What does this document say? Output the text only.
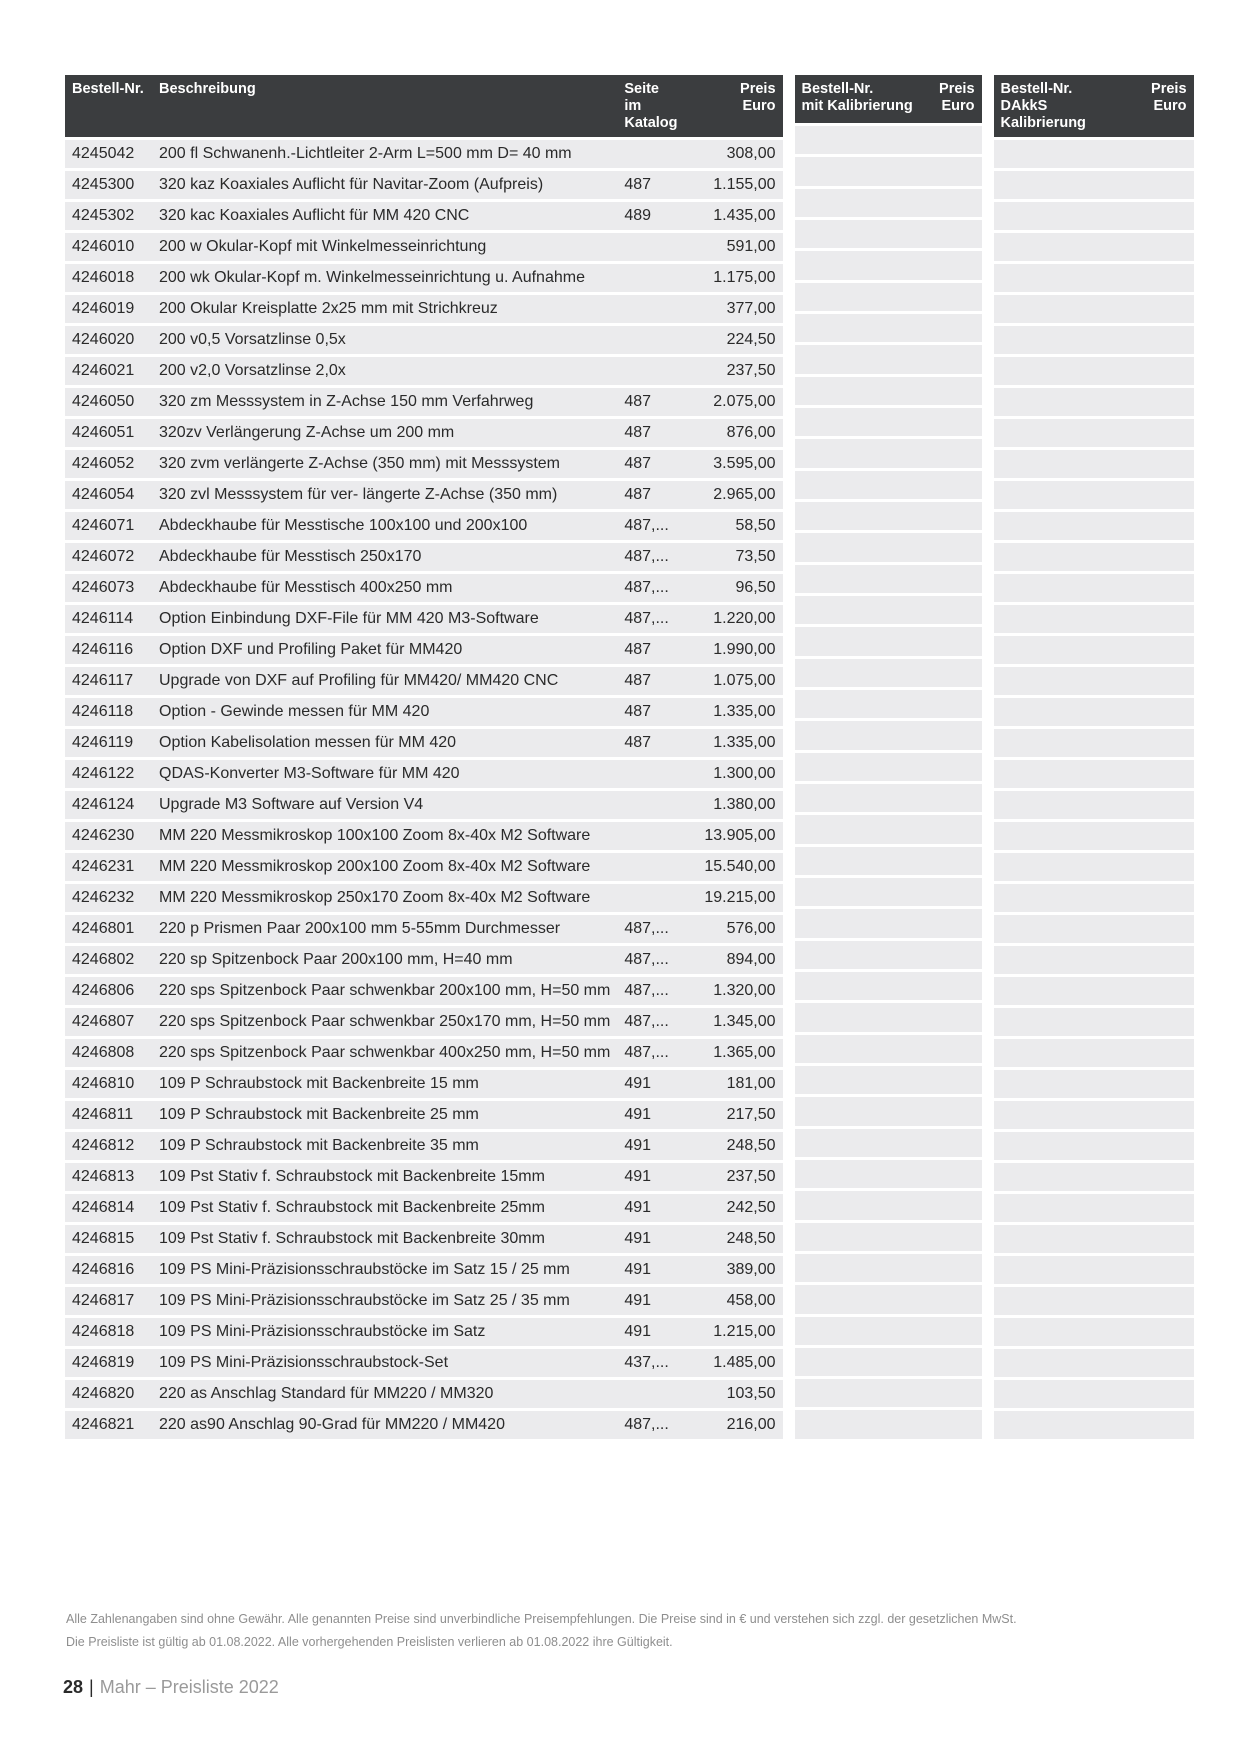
Bestell-Nr.	Beschreibung	Seite im
Katalog	Preis
Euro
4245042	200 fl Schwanenh.-Lichtleiter 2-Arm L=500 mm D= 40 mm		308,00
4245300	320 kaz Koaxiales Auflicht für Navitar-Zoom (Aufpreis)	487	1.155,00
4245302	320 kac Koaxiales Auflicht für MM 420 CNC	489	1.435,00
4246010	200 w Okular-Kopf mit Winkelmesseinrichtung		591,00
4246018	200 wk Okular-Kopf m. Winkelmesseinrichtung u. Aufnahme		1.175,00
4246019	200 Okular Kreisplatte 2x25 mm mit Strichkreuz		377,00
4246020	200 v0,5 Vorsatzlinse 0,5x		224,50
4246021	200 v2,0 Vorsatzlinse 2,0x		237,50
4246050	320 zm Messsystem in Z-Achse 150 mm Verfahrweg	487	2.075,00
4246051	320zv Verlängerung Z-Achse um 200 mm	487	876,00
4246052	320 zvm verlängerte Z-Achse (350 mm) mit Messsystem	487	3.595,00
4246054	320 zvl Messsystem für ver- längerte Z-Achse (350 mm)	487	2.965,00
4246071	Abdeckhaube für Messtische 100x100 und 200x100	487,...	58,50
4246072	Abdeckhaube für Messtisch 250x170	487,...	73,50
4246073	Abdeckhaube für Messtisch 400x250 mm	487,...	96,50
4246114	Option Einbindung DXF-File für MM 420 M3-Software	487,...	1.220,00
4246116	Option DXF und Profiling Paket für MM420	487	1.990,00
4246117	Upgrade von DXF auf Profiling für MM420/ MM420 CNC	487	1.075,00
4246118	Option - Gewinde messen für MM 420	487	1.335,00
4246119	Option Kabelisolation messen für MM 420	487	1.335,00
4246122	QDAS-Konverter M3-Software für MM 420		1.300,00
4246124	Upgrade M3 Software auf Version V4		1.380,00
4246230	MM 220 Messmikroskop 100x100 Zoom 8x-40x M2 Software		13.905,00
4246231	MM 220 Messmikroskop 200x100 Zoom 8x-40x M2 Software		15.540,00
4246232	MM 220 Messmikroskop 250x170 Zoom 8x-40x M2 Software		19.215,00
4246801	220 p Prismen Paar 200x100 mm 5-55mm Durchmesser	487,...	576,00
4246802	220 sp Spitzenbock Paar 200x100 mm, H=40 mm	487,...	894,00
4246806	220 sps Spitzenbock Paar schwenkbar 200x100 mm, H=50 mm	487,...	1.320,00
4246807	220 sps Spitzenbock Paar schwenkbar 250x170 mm, H=50 mm	487,...	1.345,00
4246808	220 sps Spitzenbock Paar schwenkbar 400x250 mm, H=50 mm	487,...	1.365,00
4246810	109 P Schraubstock mit Backenbreite 15 mm	491	181,00
4246811	109 P Schraubstock mit Backenbreite 25 mm	491	217,50
4246812	109 P Schraubstock mit Backenbreite 35 mm	491	248,50
4246813	109 Pst Stativ f. Schraubstock mit Backenbreite 15mm	491	237,50
4246814	109 Pst Stativ f. Schraubstock mit Backenbreite 25mm	491	242,50
4246815	109 Pst Stativ f. Schraubstock mit Backenbreite 30mm	491	248,50
4246816	109 PS Mini-Präzisionsschraubstöcke im Satz 15 / 25 mm	491	389,00
4246817	109 PS Mini-Präzisionsschraubstöcke im Satz 25 / 35 mm	491	458,00
4246818	109 PS Mini-Präzisionsschraubstöcke im Satz	491	1.215,00
4246819	109 PS Mini-Präzisionsschraubstock-Set	437,...	1.485,00
4246820	220 as Anschlag Standard für MM220 / MM320		103,50
4246821	220 as90 Anschlag 90-Grad für MM220 / MM420	487,...	216,00
Bestell-Nr.
mit Kalibrierung	Preis
Euro

Bestell-Nr.
DAkkS Kalibrierung	Preis
Euro

Alle Zahlenangaben sind ohne Gewähr. Alle genannten Preise sind unverbindliche Preisempfehlungen. Die Preise sind in € und verstehen sich zzgl. der gesetzlichen MwSt.

Die Preisliste ist gültig ab 01.08.2022. Alle vorhergehenden Preislisten verlieren ab 01.08.2022 ihre Gültigkeit.

28 | Mahr – Preisliste 2022
